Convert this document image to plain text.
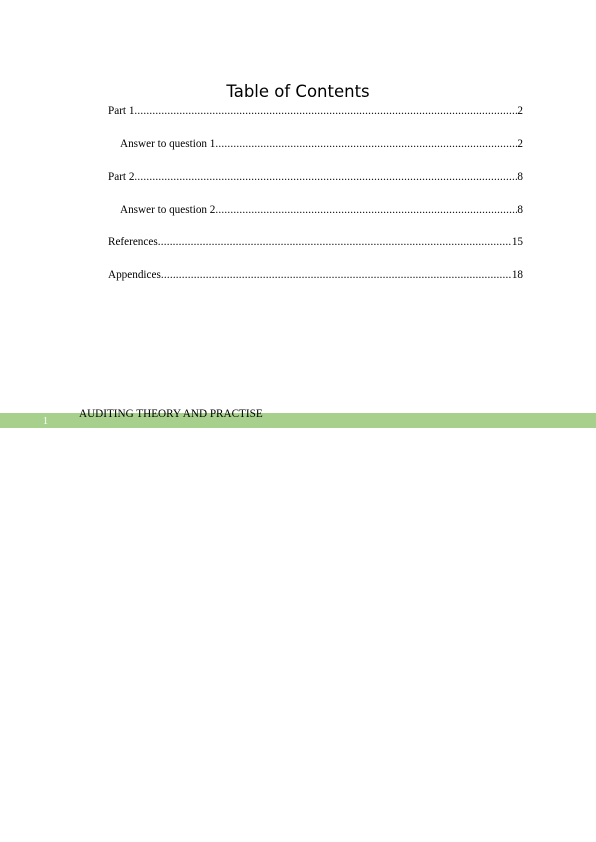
Table of Contents
Part 1 .....	2
Answer to question 1 .....	2
Part 2 .....	8
Answer to question 2 .....	8
References .....	15
Appendices .....	18
1
AUDITING THEORY AND PRACTISE
